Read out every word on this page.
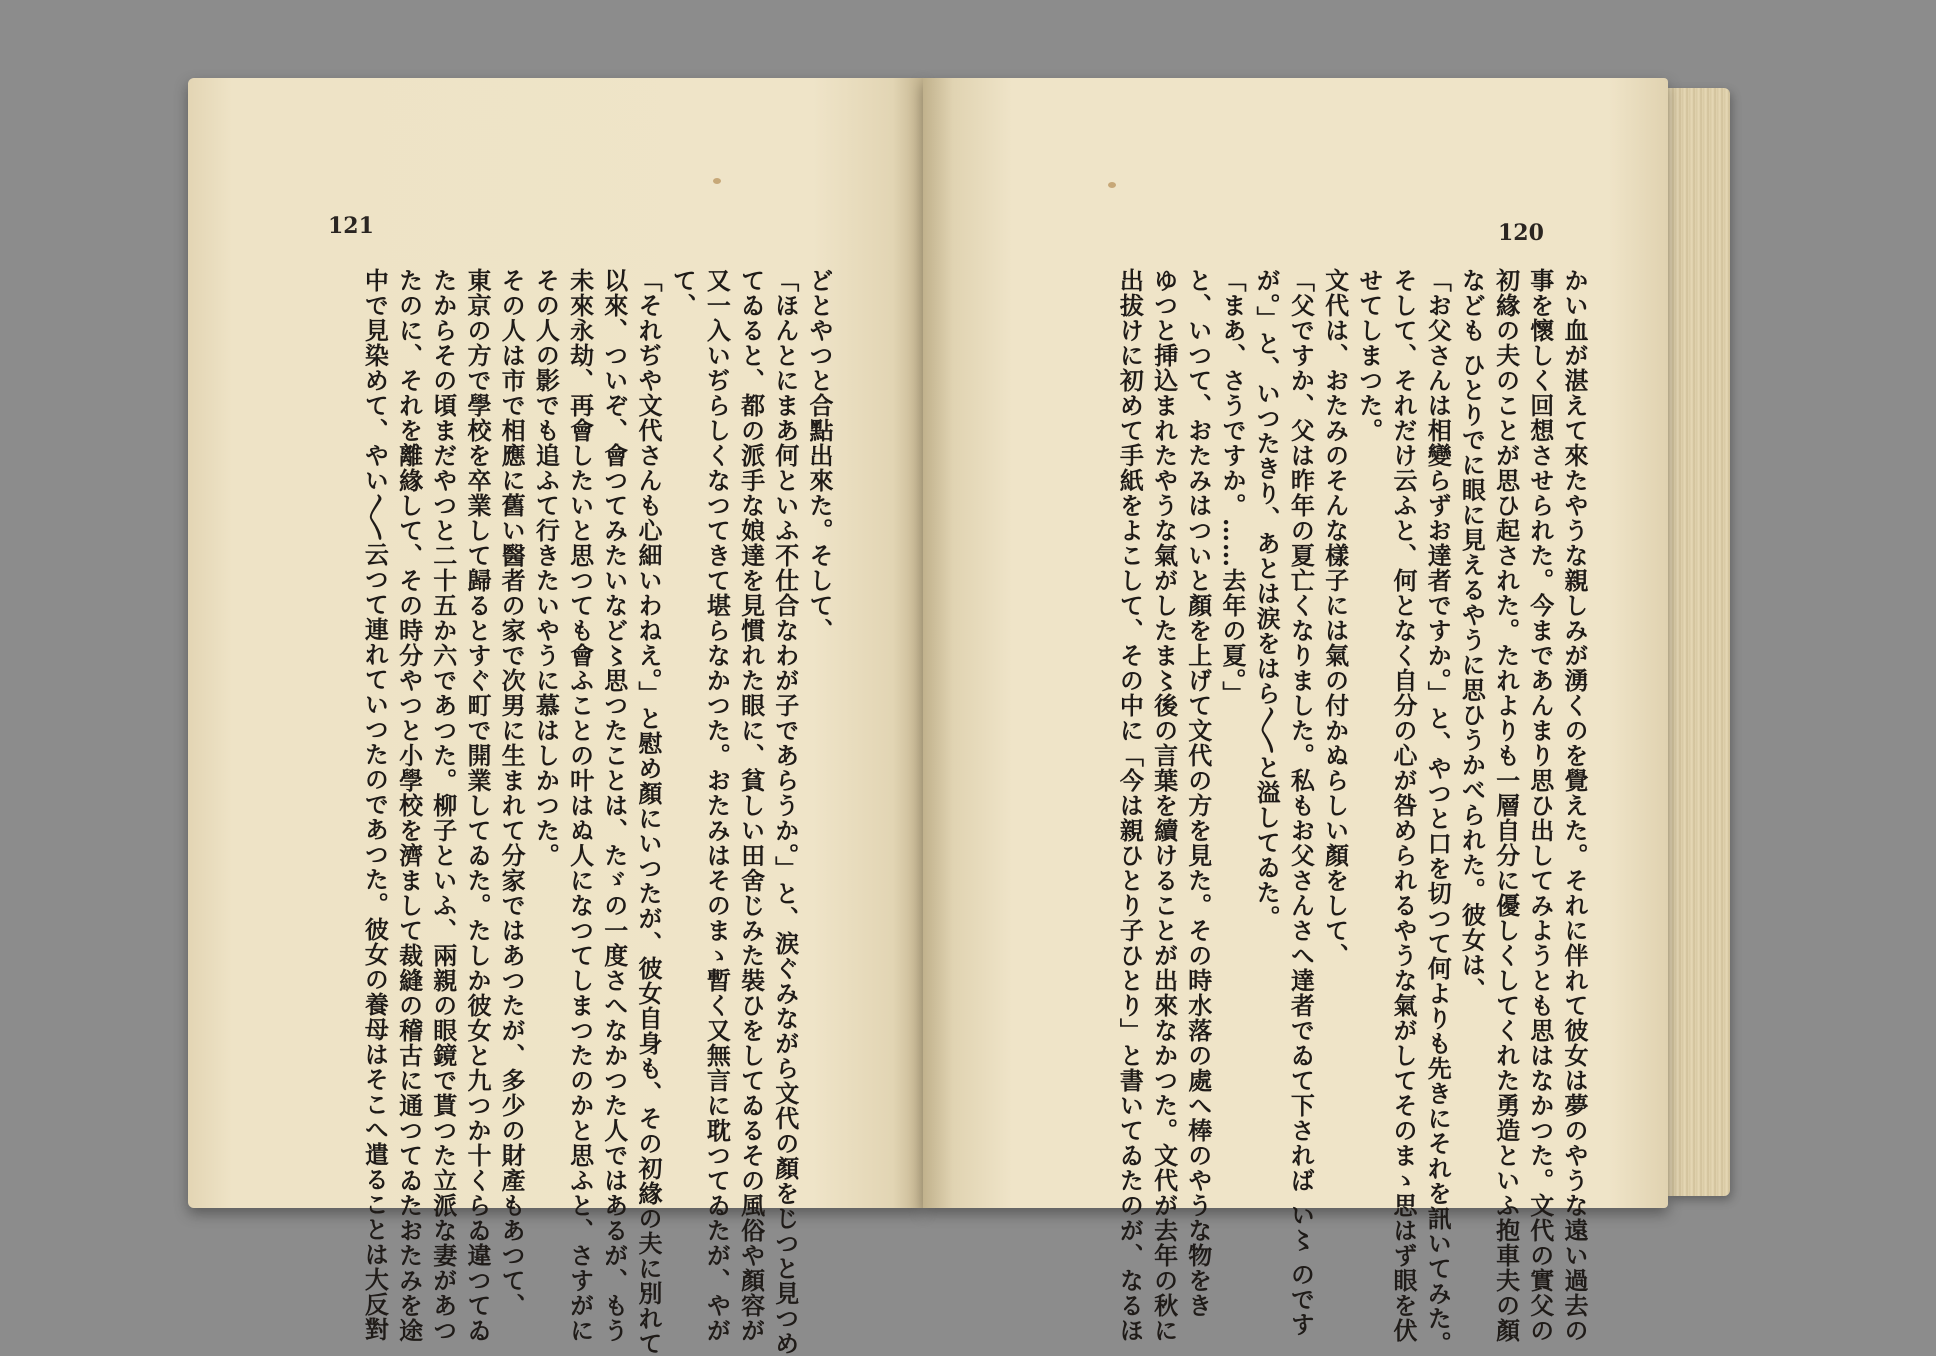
121

どとやつと合點出來た。そして、

「ほんとにまあ何といふ不仕合なわが子であらうか。」と、涙ぐみながら文代の顏をじつと見つめ

てゐると、都の派手な娘達を見慣れた眼に、貧しい田舍じみた裝ひをしてゐるその風俗や顏容が

又一入いぢらしくなつてきて堪らなかつた。おたみはそのまゝ暫く又無言に耽つてゐたが、やが

て、

「それぢや文代さんも心細いわねえ。」と慰め顏にいつたが、彼女自身も、その初緣の夫に別れて

以來、ついぞ、會つてみたいなど〻思つたことは、たゞの一度さへなかつた人ではあるが、もう

未來永劫、再會したいと思つても會ふことの叶はぬ人になつてしまつたのかと思ふと、さすがに

その人の影でも追ふて行きたいやうに慕はしかつた。

その人は市で相應に舊い醫者の家で次男に生まれて分家ではあつたが、多少の財產もあつて、

東京の方で學校を卒業して歸るとすぐ町で開業してゐた。たしか彼女と九つか十くらゐ違つてゐ

たからその頃まだやつと二十五か六であつた。柳子といふ、兩親の眼鏡で貰つた立派な妻があつ

たのに、それを離緣して、その時分やつと小學校を濟まして裁縫の稽古に通つてゐたおたみを途

中で見染めて、やい〳〵云つて連れていつたのであつた。彼女の養母はそこへ遣ることは大反對

120

かい血が湛えて來たやうな親しみが湧くのを覺えた。それに伴れて彼女は夢のやうな遠い過去の

事を懷しく回想させられた。今まであんまり思ひ出してみようとも思はなかつた。文代の實父の

初緣の夫のことが思ひ起された。たれよりも一層自分に優しくしてくれた勇造といふ抱車夫の顏

なども ひとりでに眼に見えるやうに思ひうかべられた。彼女は、

「お父さんは相變らずお達者ですか。」と、やつと口を切つて何よりも先きにそれを訊いてみた。

そして、それだけ云ふと、何となく自分の心が咎められるやうな氣がしてそのまゝ思はず眼を伏

せてしまつた。

文代は、おたみのそんな樣子には氣の付かぬらしい顏をして、

「父ですか、父は昨年の夏亡くなりました。私もお父さんさへ達者でゐて下されば い〻 のです

が。」と、いつたきり、あとは涙をはら〳〵と溢してゐた。

「まあ、さうですか。……去年の夏。」

と、いつて、おたみはついと顏を上げて文代の方を見た。その時水落の處へ棒のやうな物をき

ゆつと挿込まれたやうな氣がしたま〻後の言葉を續けることが出來なかつた。文代が去年の秋に

出拔けに初めて手紙をよこして、その中に「今は親ひとり子ひとり」と書いてゐたのが、なるほ
